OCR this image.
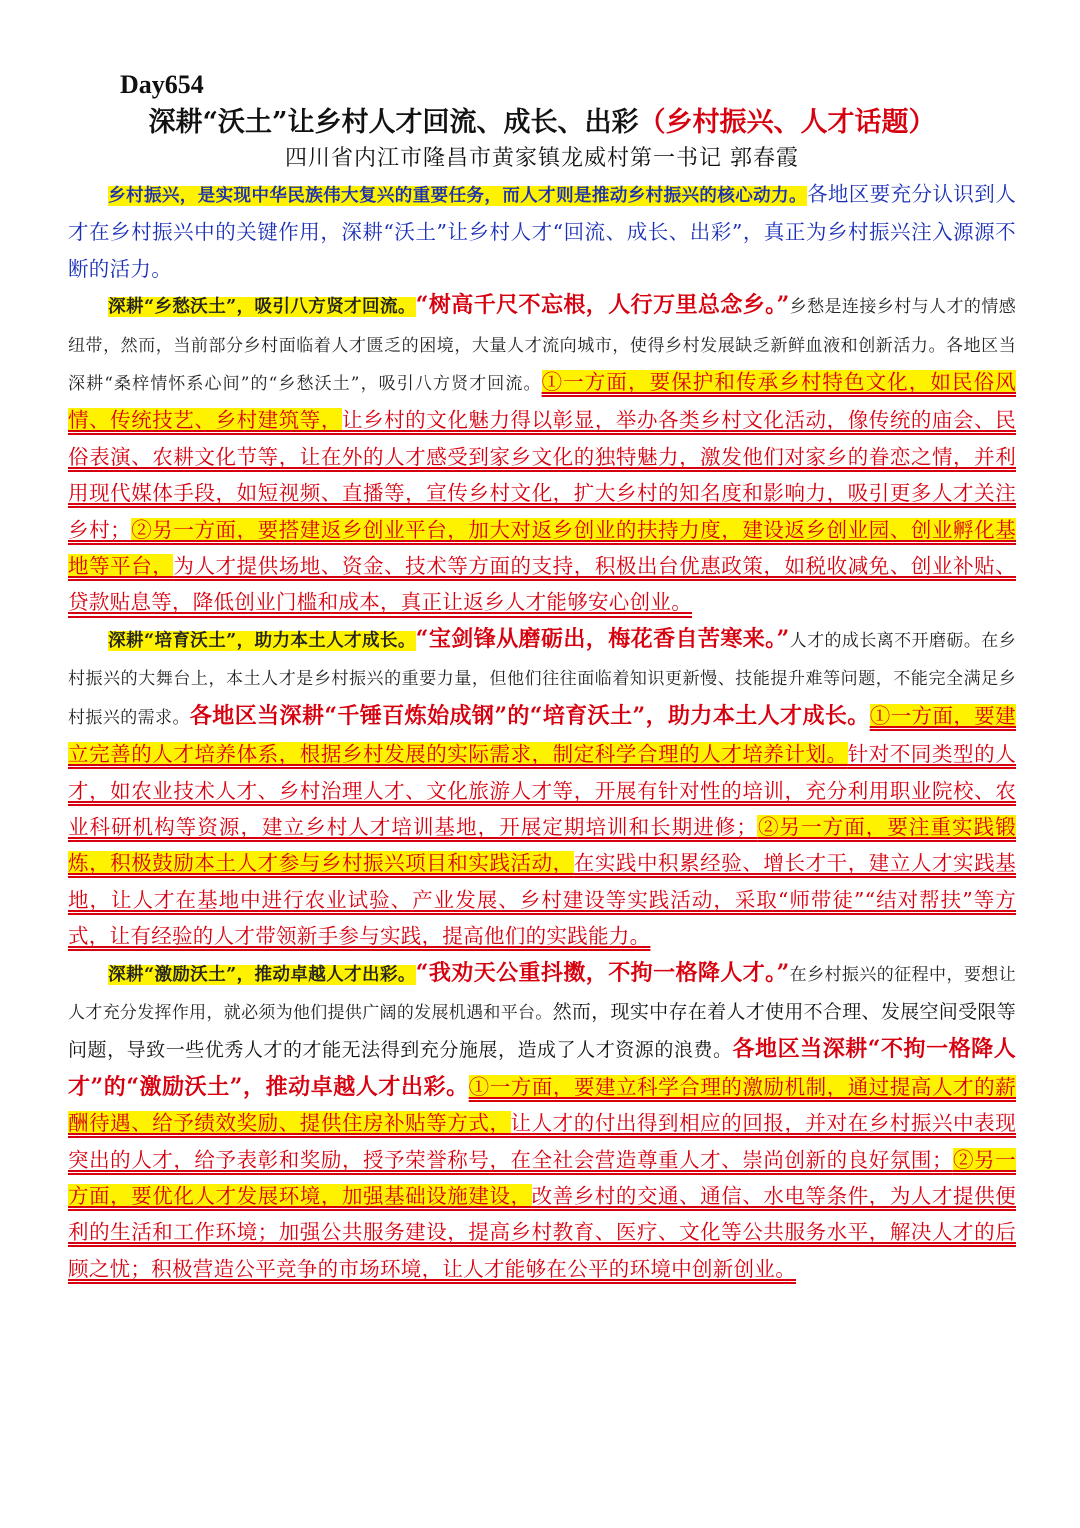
Day654
深耕“沃土”让乡村人才回流、成长、出彩（乡村振兴、人才话题）
四川省内江市隆昌市黄家镇龙威村第一书记 郭春霞

乡村振兴，是实现中华民族伟大复兴的重要任务，而人才则是推动乡村振兴的核心动力。各地区要充分认识到人才在乡村振兴中的关键作用，深耕“沃土”让乡村人才“回流、成长、出彩”，真正为乡村振兴注入源源不断的活力。

深耕“乡愁沃土”，吸引八方贤才回流。“树高千尺不忘根，人行万里总念乡。”乡愁是连接乡村与人才的情感纽带，然而，当前部分乡村面临着人才匮乏的困境，大量人才流向城市，使得乡村发展缺乏新鲜血液和创新活力。各地区当深耕“桑梓情怀系心间”的“乡愁沃土”，吸引八方贤才回流。①一方面，要保护和传承乡村特色文化，如民俗风情、传统技艺、乡村建筑等，让乡村的文化魅力得以彰显，举办各类乡村文化活动，像传统的庙会、民俗表演、农耕文化节等，让在外的人才感受到家乡文化的独特魅力，激发他们对家乡的眷恋之情，并利用现代媒体手段，如短视频、直播等，宣传乡村文化，扩大乡村的知名度和影响力，吸引更多人才关注乡村；②另一方面，要搭建返乡创业平台，加大对返乡创业的扶持力度，建设返乡创业园、创业孵化基地等平台，为人才提供场地、资金、技术等方面的支持，积极出台优惠政策，如税收减免、创业补贴、贷款贴息等，降低创业门槛和成本，真正让返乡人才能够安心创业。

深耕“培育沃土”，助力本土人才成长。“宝剑锋从磨砺出，梅花香自苦寒来。”人才的成长离不开磨砺。在乡村振兴的大舞台上，本土人才是乡村振兴的重要力量，但他们往往面临着知识更新慢、技能提升难等问题，不能完全满足乡村振兴的需求。各地区当深耕“千锤百炼始成钢”的“培育沃土”，助力本土人才成长。①一方面，要建立完善的人才培养体系，根据乡村发展的实际需求，制定科学合理的人才培养计划。针对不同类型的人才，如农业技术人才、乡村治理人才、文化旅游人才等，开展有针对性的培训，充分利用职业院校、农业科研机构等资源，建立乡村人才培训基地，开展定期培训和长期进修；②另一方面，要注重实践锻炼，积极鼓励本土人才参与乡村振兴项目和实践活动，在实践中积累经验、增长才干，建立人才实践基地，让人才在基地中进行农业试验、产业发展、乡村建设等实践活动，采取“师带徒”“结对帮扶”等方式，让有经验的人才带领新手参与实践，提高他们的实践能力。

深耕“激励沃土”，推动卓越人才出彩。“我劝天公重抖擞，不拘一格降人才。”在乡村振兴的征程中，要想让人才充分发挥作用，就必须为他们提供广阔的发展机遇和平台。然而，现实中存在着人才使用不合理、发展空间受限等问题，导致一些优秀人才的才能无法得到充分施展，造成了人才资源的浪费。各地区当深耕“不拘一格降人才”的“激励沃土”，推动卓越人才出彩。①一方面，要建立科学合理的激励机制，通过提高人才的薪酬待遇、给予绩效奖励、提供住房补贴等方式，让人才的付出得到相应的回报，并对在乡村振兴中表现突出的人才，给予表彰和奖励，授予荣誉称号，在全社会营造尊重人才、崇尚创新的良好氛围；②另一方面，要优化人才发展环境，加强基础设施建设，改善乡村的交通、通信、水电等条件，为人才提供便利的生活和工作环境；加强公共服务建设，提高乡村教育、医疗、文化等公共服务水平，解决人才的后顾之忧；积极营造公平竞争的市场环境，让人才能够在公平的环境中创新创业。
